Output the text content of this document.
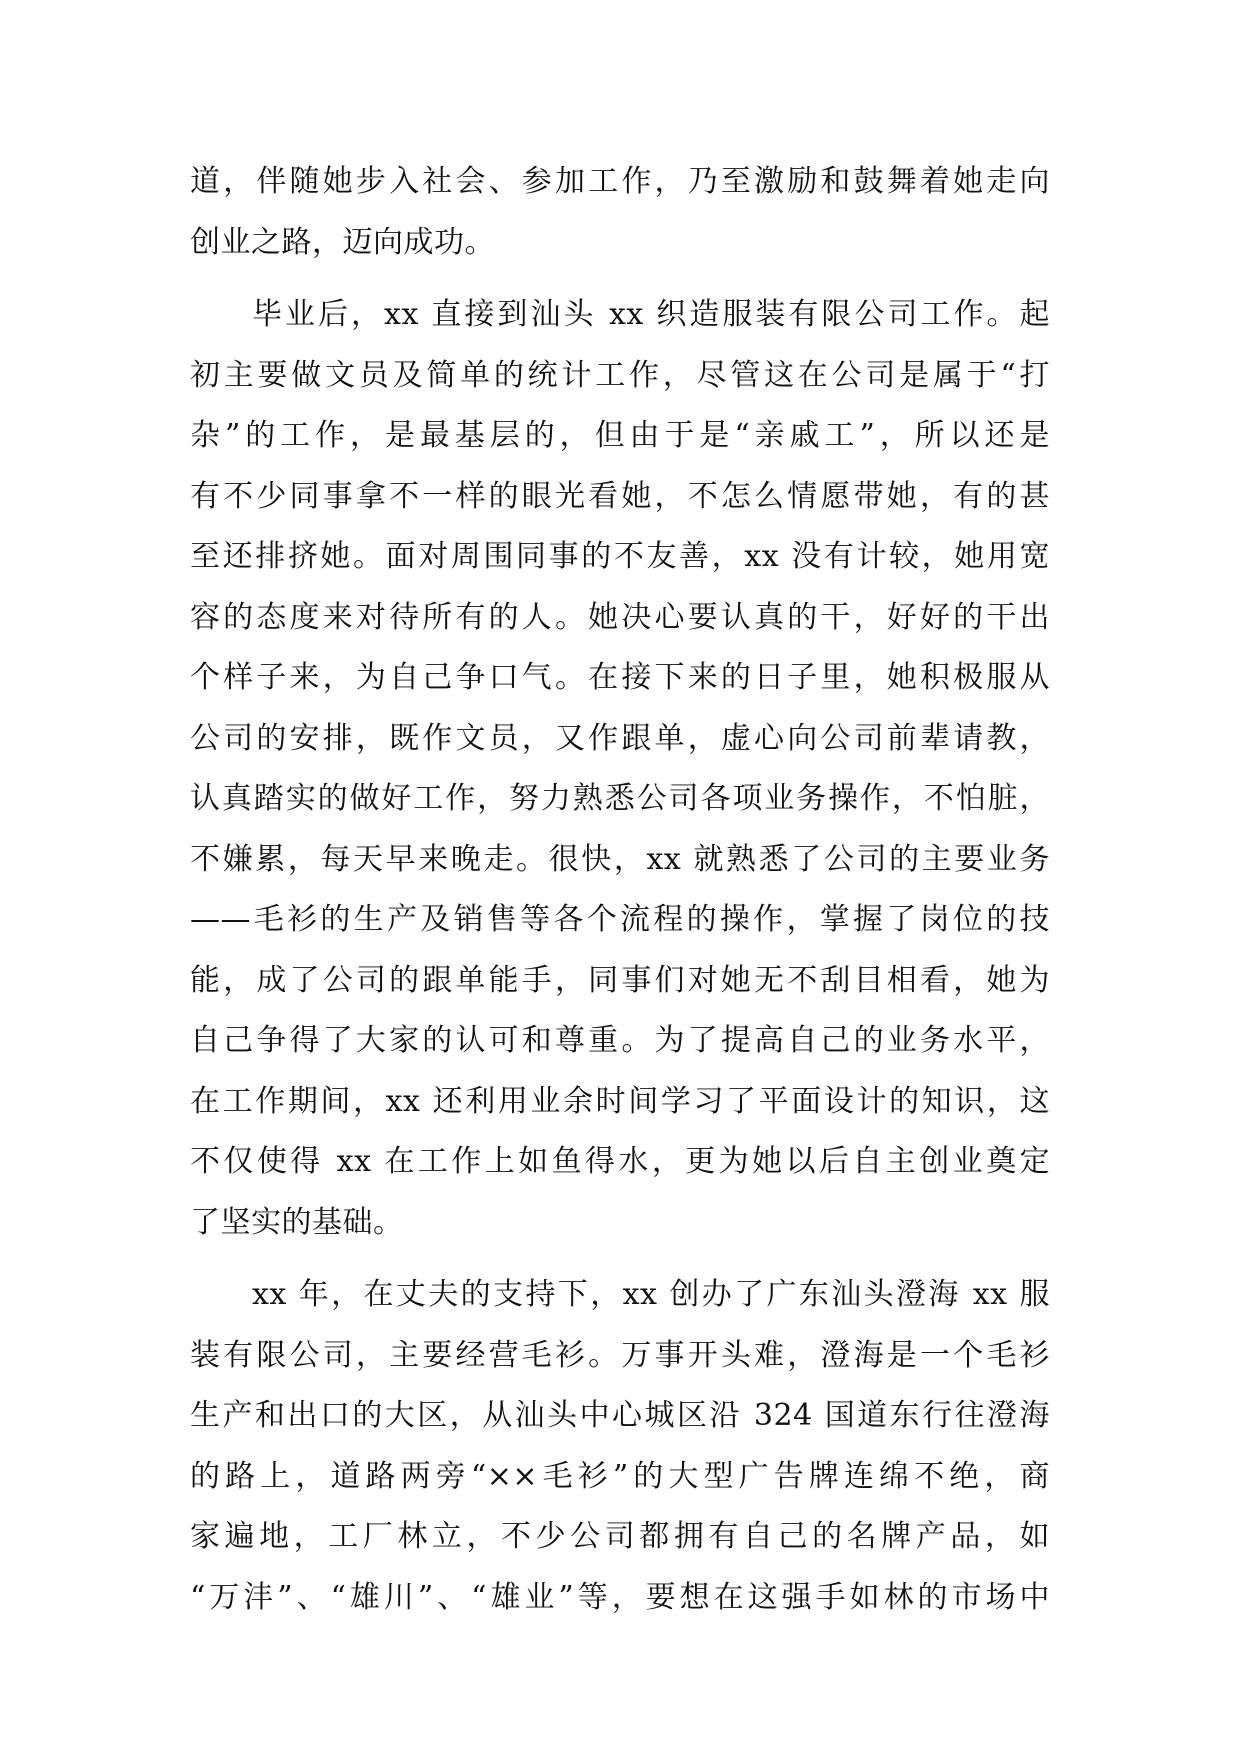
道，伴随她步入社会、参加工作，乃至激励和鼓舞着她走向
创业之路，迈向成功。
毕业后，xx 直接到汕头 xx 织造服装有限公司工作。起
初主要做文员及简单的统计工作，尽管这在公司是属于“打
杂”的工作，是最基层的，但由于是“亲戚工”，所以还是
有不少同事拿不一样的眼光看她，不怎么情愿带她，有的甚
至还排挤她。面对周围同事的不友善，xx 没有计较，她用宽
容的态度来对待所有的人。她决心要认真的干，好好的干出
个样子来，为自己争口气。在接下来的日子里，她积极服从
公司的安排，既作文员，又作跟单，虚心向公司前辈请教，
认真踏实的做好工作，努力熟悉公司各项业务操作，不怕脏，
不嫌累，每天早来晚走。很快，xx 就熟悉了公司的主要业务
——毛衫的生产及销售等各个流程的操作，掌握了岗位的技
能，成了公司的跟单能手，同事们对她无不刮目相看，她为
自己争得了大家的认可和尊重。为了提高自己的业务水平，
在工作期间，xx 还利用业余时间学习了平面设计的知识，这
不仅使得 xx 在工作上如鱼得水，更为她以后自主创业奠定
了坚实的基础。
xx 年，在丈夫的支持下，xx 创办了广东汕头澄海 xx 服
装有限公司，主要经营毛衫。万事开头难，澄海是一个毛衫
生产和出口的大区，从汕头中心城区沿 324 国道东行往澄海
的路上，道路两旁“××毛衫”的大型广告牌连绵不绝，商
家遍地，工厂林立，不少公司都拥有自己的名牌产品，如
“万沣”、“雄川”、“雄业”等，要想在这强手如林的市场中
